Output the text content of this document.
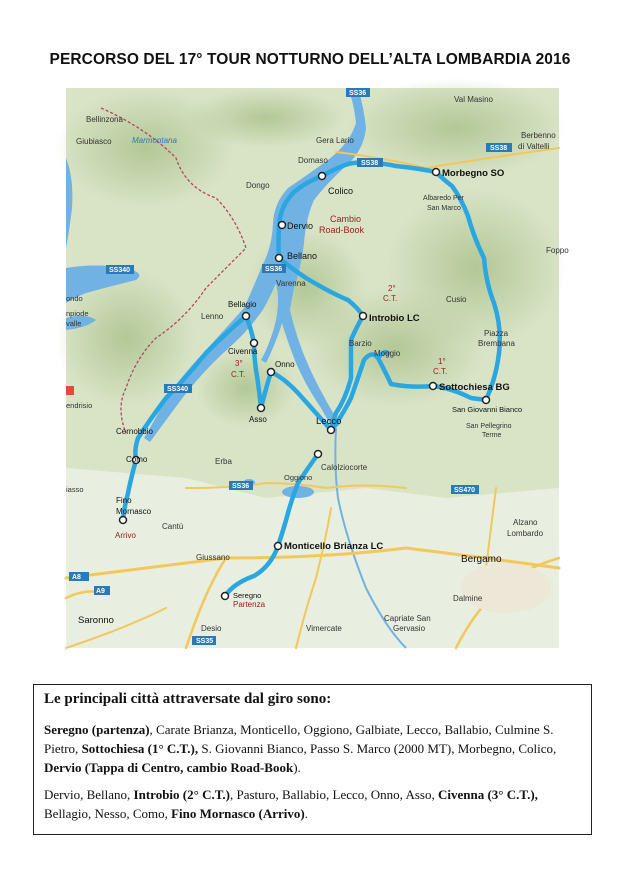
PERCORSO DEL 17° TOUR NOTTURNO DELL’ALTA LOMBARDIA 2016
SS38
SS38
SS36
SS340
SS340
SS36
SS35
SS470
SS36
A8
A9
Val Masino
Bellinzona
Giubiasco	Marmontana	Gera Lario
Berbenno
di Valtelli
Domaso
Dongo
Albaredo Per
San Marco
Dervio
Cambio
Road-Book
Bellano
Varenna
Foppo
2°
C.T.	Cusio
Lenno
Bellagio
Introbio LC
Piazza
Brembana
Civenna
3°
C.T.
Barzio
Moggio
1°
C.T.
Onno
Sottochiesa BG
San Giovanni Bianco
Asso	Lecco	San Pellegrino
Terme
Cernobbio
Como	Erba
Calolziocorte
Oggiono
Fino
Mornasco
Arrivo
Cantù	Alzano
Lombardo
Monticello Brianza LC
Giussano	Bergamo
Seregno
Partenza
Dalmine
Saronno
Desio	Vimercate
Capriate San
Gervasio
Morbegno SO
Colico
ondo
npiode
valle
endrisio
iasso
Le principali città attraversate dal giro sono:
Seregno (partenza), Carate Brianza, Monticello, Oggiono, Galbiate, Lecco, Ballabio, Culmine S. Pietro, Sottochiesa (1° C.T.), S. Giovanni Bianco, Passo S. Marco (2000 MT), Morbegno, Colico, Dervio (Tappa di Centro, cambio Road-Book).
Dervio, Bellano, Introbio (2° C.T.), Pasturo, Ballabio, Lecco, Onno, Asso, Civenna (3° C.T.), Bellagio, Nesso, Como, Fino Mornasco (Arrivo).
